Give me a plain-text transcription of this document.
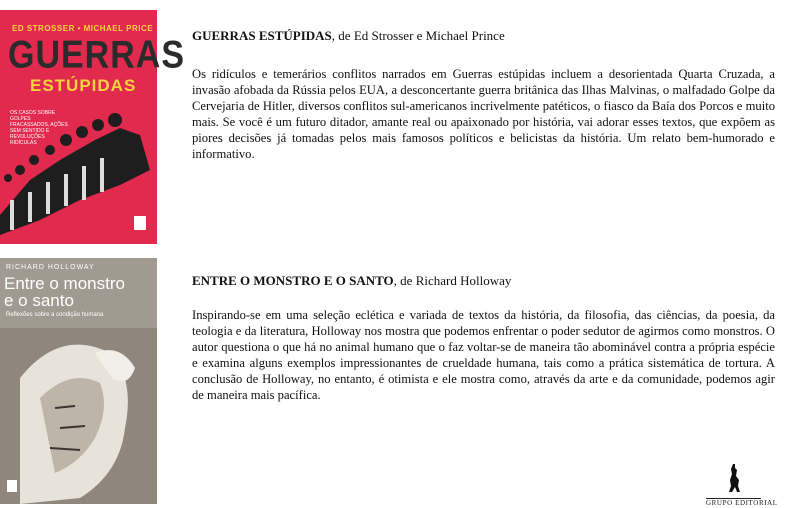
ED STROSSER • MICHAEL PRICE
GUERRAS
ESTÚPIDAS
OS CASOS SOBRE GOLPES FRACASSADOS, AÇÕES SEM SENTIDO E REVOLUÇÕES RIDÍCULAS
RICHARD HOLLOWAY
Entre o monstro
e o santo
Reflexões sobre a condição humana

GUERRAS ESTÚPIDAS, de Ed Strosser e Michael Prince

Os ridículos e temerários conflitos narrados em Guerras estúpidas incluem a desorientada Quarta Cruzada, a invasão afobada da Rússia pelos EUA, a desconcertante guerra britânica das Ilhas Malvinas, o malfadado Golpe da Cervejaria de Hitler, diversos conflitos sul-americanos incrivelmente patéticos, o fiasco da Baía dos Porcos e muito mais. Se você é um futuro ditador, amante real ou apaixonado por história, vai adorar esses textos, que expõem as piores decisões já tomadas pelos mais famosos políticos e belicistas da história. Um relato bem-humorado e informativo.

ENTRE O MONSTRO E O SANTO, de Richard Holloway

Inspirando-se em uma seleção eclética e variada de textos da história, da filosofia, das ciências, da poesia, da teologia e da literatura, Holloway nos mostra que podemos enfrentar o poder sedutor de agirmos como monstros. O autor questiona o que há no animal humano que o faz voltar-se de maneira tão abominável contra a própria espécie e examina alguns exemplos impressionantes de crueldade humana, tais como a prática sistemática de tortura. A conclusão de Holloway, no entanto, é otimista e ele mostra como, através da arte e da comunidade, podemos agir de maneira mais pacífica.

GRUPO EDITORIAL
